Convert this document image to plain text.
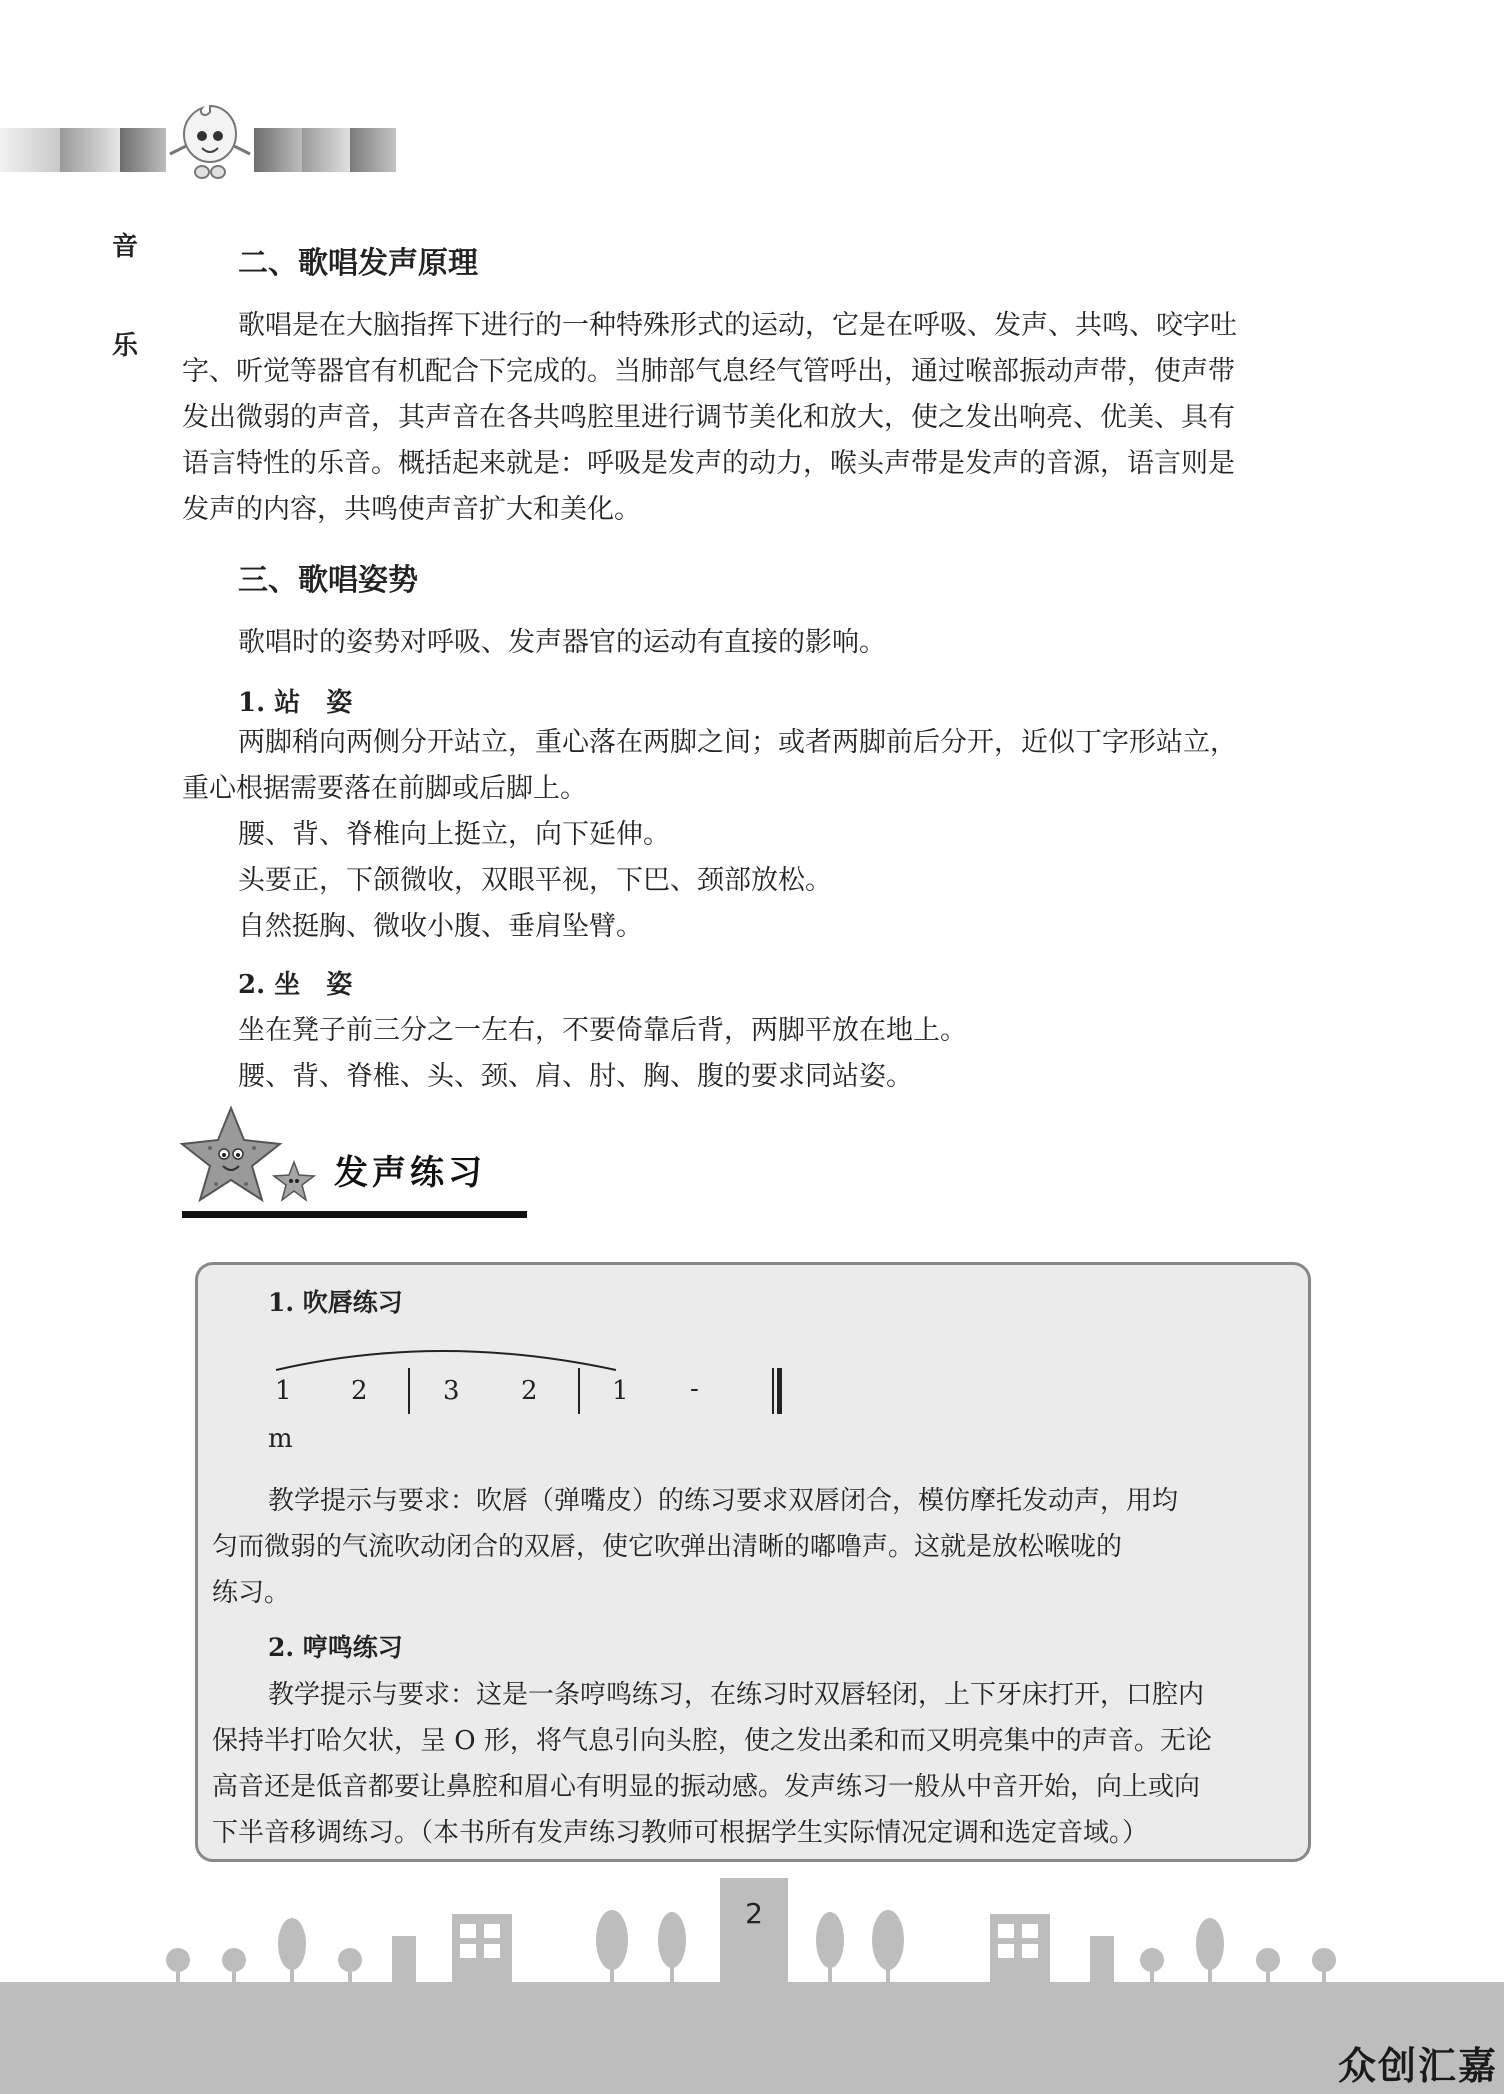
音
乐
二、歌唱发声原理

歌唱是在大脑指挥下进行的一种特殊形式的运动，它是在呼吸、发声、共鸣、咬字吐

字、听觉等器官有机配合下完成的。当肺部气息经气管呼出，通过喉部振动声带，使声带

发出微弱的声音，其声音在各共鸣腔里进行调节美化和放大，使之发出响亮、优美、具有

语言特性的乐音。概括起来就是：呼吸是发声的动力，喉头声带是发声的音源，语言则是

发声的内容，共鸣使声音扩大和美化。

三、歌唱姿势
歌唱时的姿势对呼吸、发声器官的运动有直接的影响。
1. 站　姿

两脚稍向两侧分开站立，重心落在两脚之间；或者两脚前后分开，近似丁字形站立，

重心根据需要落在前脚或后脚上。

腰、背、脊椎向上挺立，向下延伸。

头要正，下颌微收，双眼平视，下巴、颈部放松。

自然挺胸、微收小腹、垂肩坠臂。

2. 坐　姿

坐在凳子前三分之一左右，不要倚靠后背，两脚平放在地上。

腰、背、脊椎、头、颈、肩、肘、胸、腹的要求同站姿。

发声练习
1. 吹唇练习
1 2	3 2	1 -
m

教学提示与要求：吹唇（弹嘴皮）的练习要求双唇闭合，模仿摩托发动声，用均

匀而微弱的气流吹动闭合的双唇，使它吹弹出清晰的嘟噜声。这就是放松喉咙的

练习。

2. 哼鸣练习

教学提示与要求：这是一条哼鸣练习，在练习时双唇轻闭，上下牙床打开，口腔内

保持半打哈欠状，呈 O 形，将气息引向头腔，使之发出柔和而又明亮集中的声音。无论

高音还是低音都要让鼻腔和眉心有明显的振动感。发声练习一般从中音开始，向上或向

下半音移调练习。（本书所有发声练习教师可根据学生实际情况定调和选定音域。）

2
众创汇嘉
